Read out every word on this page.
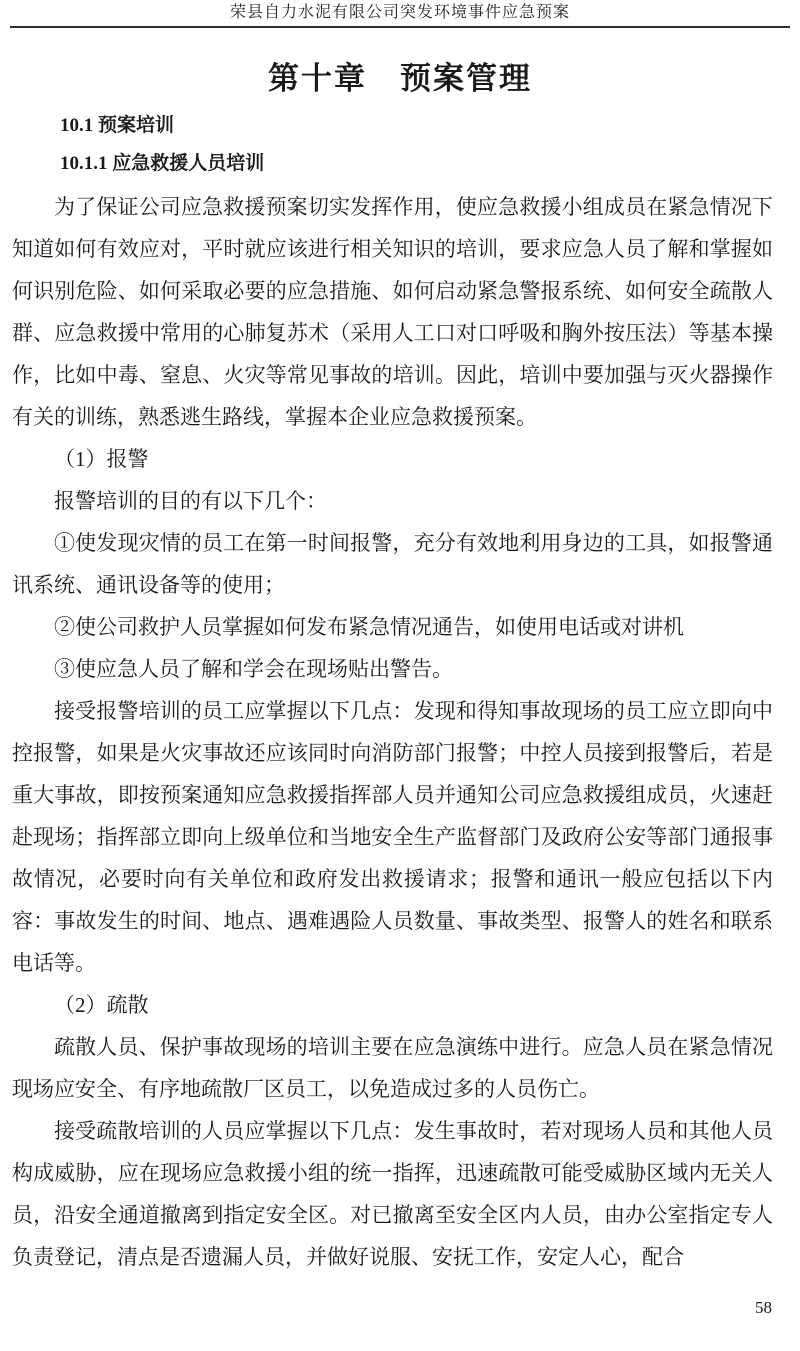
荣县自力水泥有限公司突发环境事件应急预案
第十章　预案管理
10.1 预案培训
10.1.1 应急救援人员培训

为了保证公司应急救援预案切实发挥作用，使应急救援小组成员在紧急情况下知道如何有效应对，平时就应该进行相关知识的培训，要求应急人员了解和掌握如何识别危险、如何采取必要的应急措施、如何启动紧急警报系统、如何安全疏散人群、应急救援中常用的心肺复苏术（采用人工口对口呼吸和胸外按压法）等基本操作，比如中毒、窒息、火灾等常见事故的培训。因此，培训中要加强与灭火器操作有关的训练，熟悉逃生路线，掌握本企业应急救援预案。

（1）报警

报警培训的目的有以下几个：

①使发现灾情的员工在第一时间报警，充分有效地利用身边的工具，如报警通讯系统、通讯设备等的使用；

②使公司救护人员掌握如何发布紧急情况通告，如使用电话或对讲机

③使应急人员了解和学会在现场贴出警告。

接受报警培训的员工应掌握以下几点：发现和得知事故现场的员工应立即向中控报警，如果是火灾事故还应该同时向消防部门报警；中控人员接到报警后，若是重大事故，即按预案通知应急救援指挥部人员并通知公司应急救援组成员，火速赶赴现场；指挥部立即向上级单位和当地安全生产监督部门及政府公安等部门通报事故情况，必要时向有关单位和政府发出救援请求；报警和通讯一般应包括以下内容：事故发生的时间、地点、遇难遇险人员数量、事故类型、报警人的姓名和联系电话等。

（2）疏散

疏散人员、保护事故现场的培训主要在应急演练中进行。应急人员在紧急情况现场应安全、有序地疏散厂区员工，以免造成过多的人员伤亡。

接受疏散培训的人员应掌握以下几点：发生事故时，若对现场人员和其他人员构成威胁，应在现场应急救援小组的统一指挥，迅速疏散可能受威胁区域内无关人员，沿安全通道撤离到指定安全区。对已撤离至安全区内人员，由办公室指定专人负责登记，清点是否遗漏人员，并做好说服、安抚工作，安定人心，配合

58
